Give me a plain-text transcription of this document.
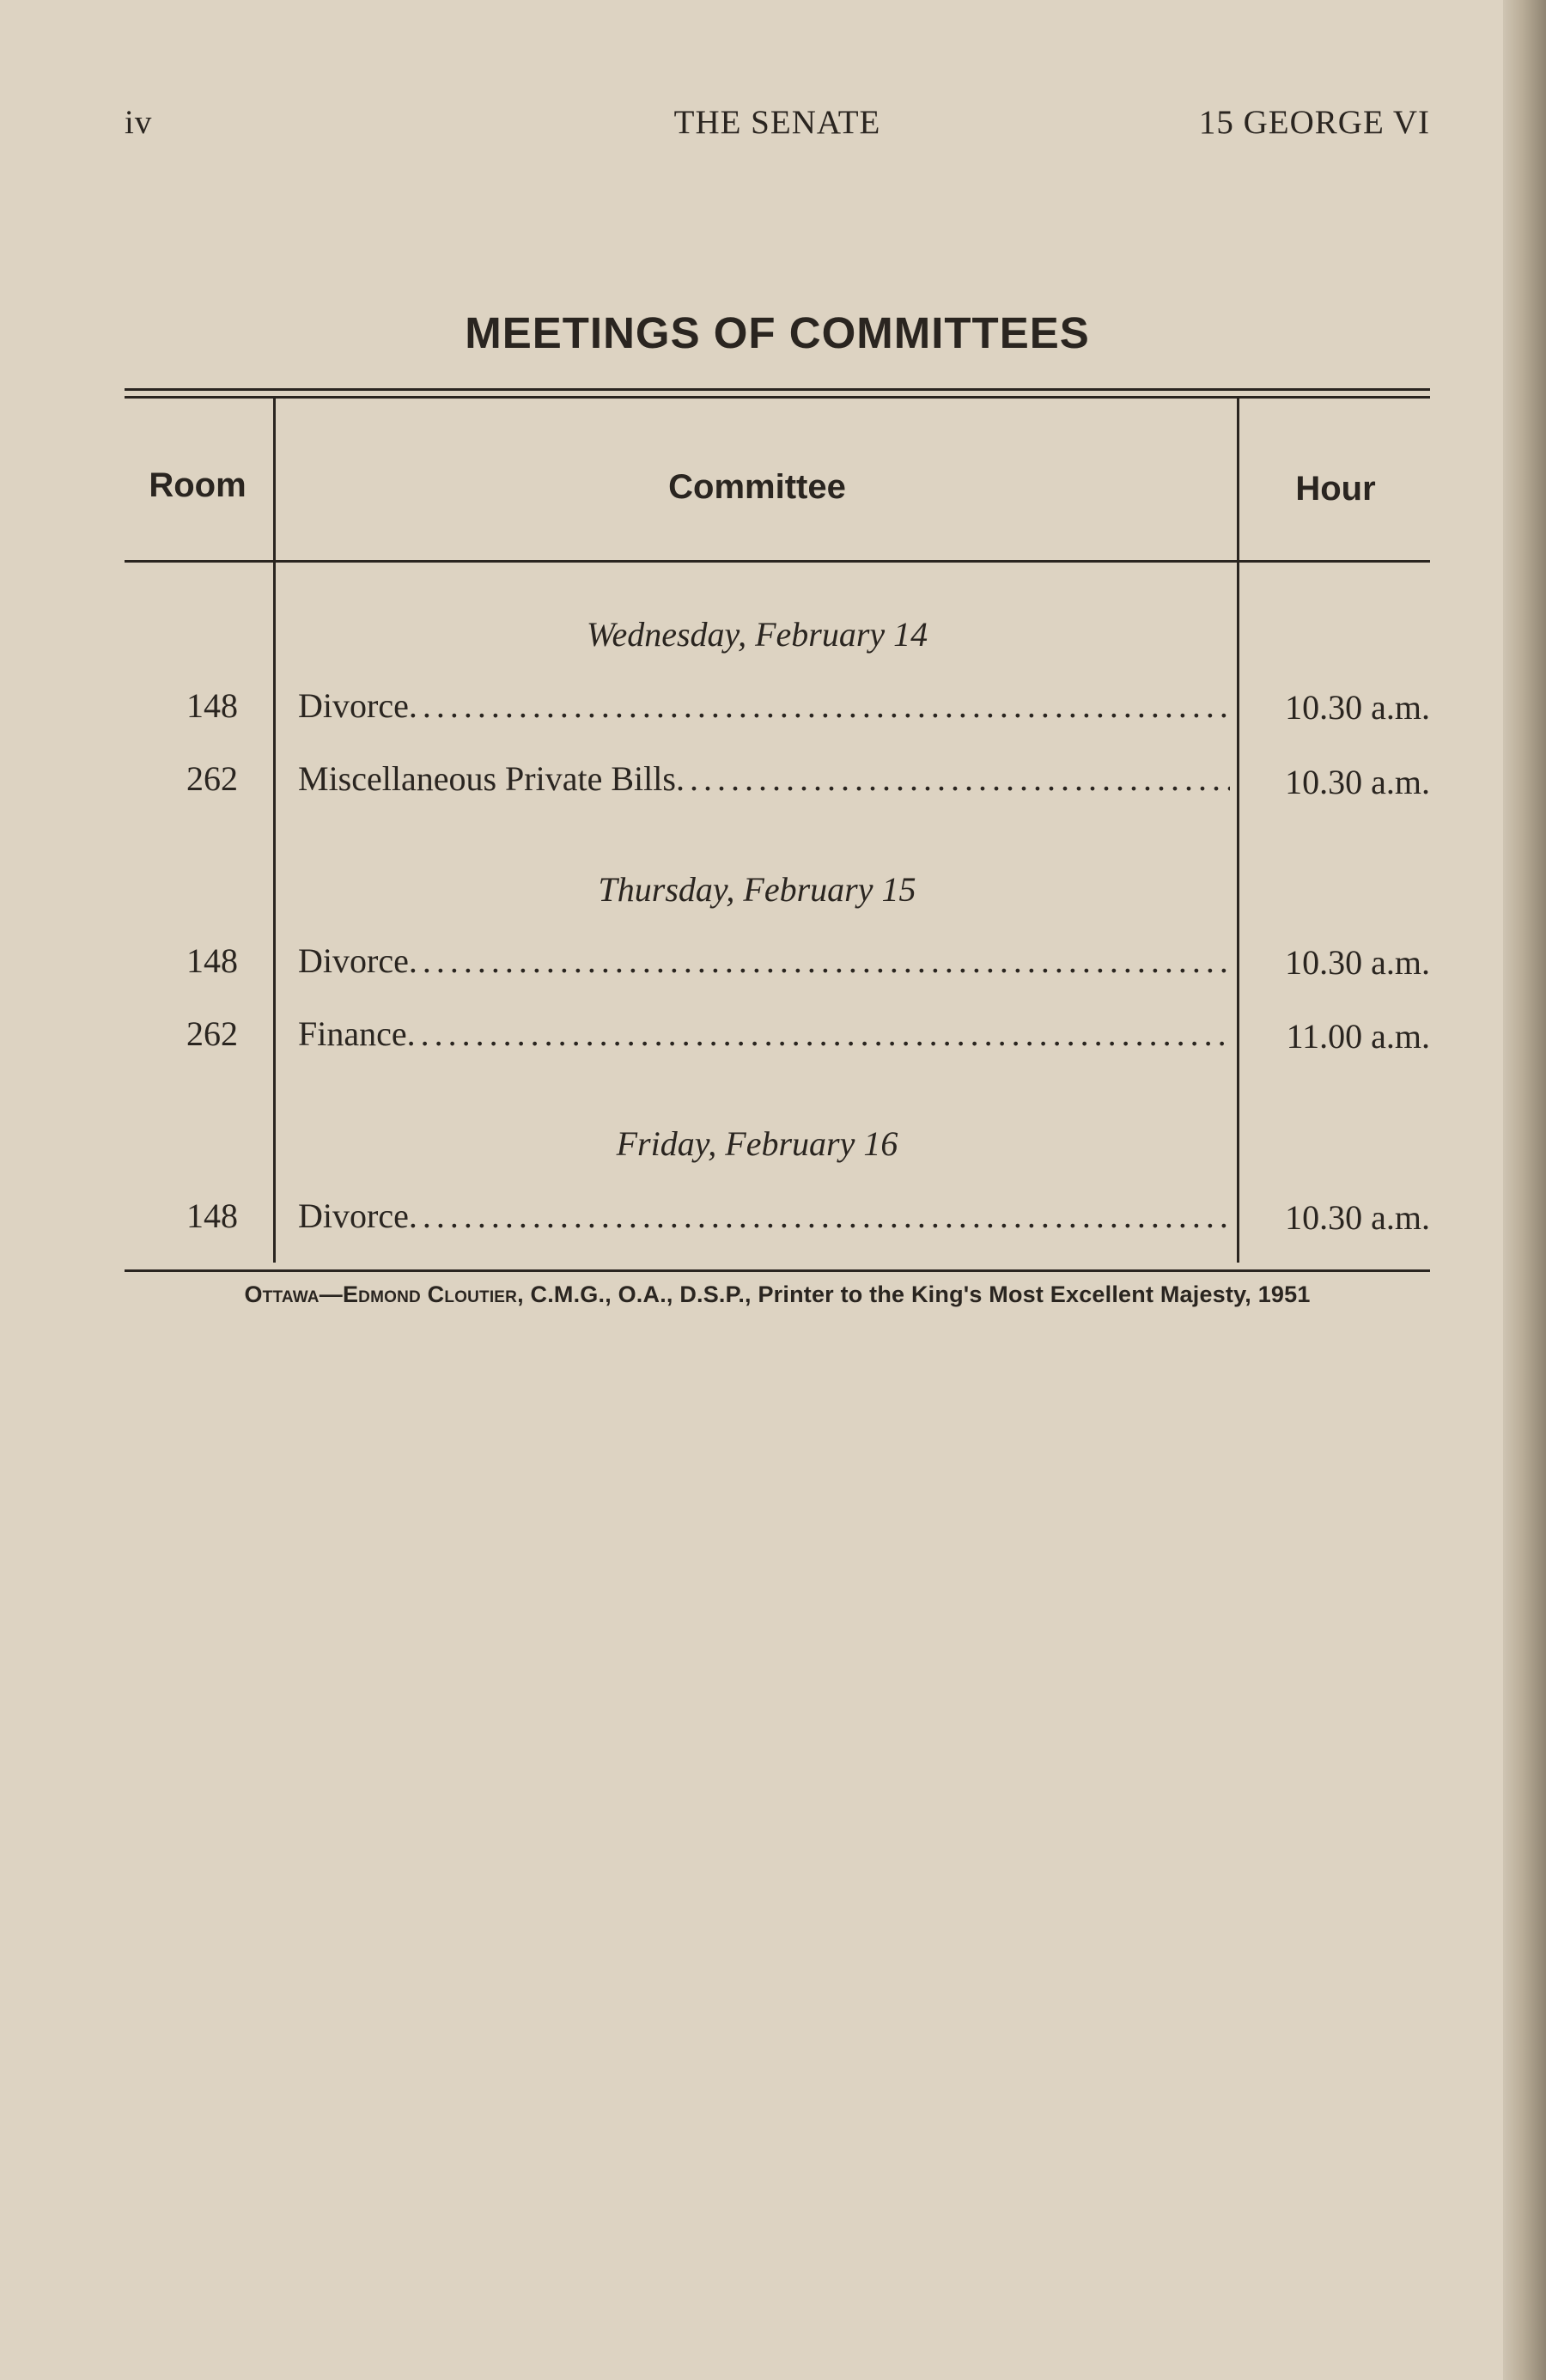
iv	THE SENATE	15 GEORGE VI
MEETINGS OF COMMITTEES
Room	Committee	Hour
Wednesday, February 14
148 Divorce .....	10.30 a.m.
262 Miscellaneous Private Bills .....	10.30 a.m.
Thursday, February 15
148 Divorce .....	10.30 a.m.
262 Finance .....	11.00 a.m.
Friday, February 16
148 Divorce .....	10.30 a.m.
Ottawa—Edmond Cloutier, C.M.G., O.A., D.S.P., Printer to the King's Most Excellent Majesty, 1951
